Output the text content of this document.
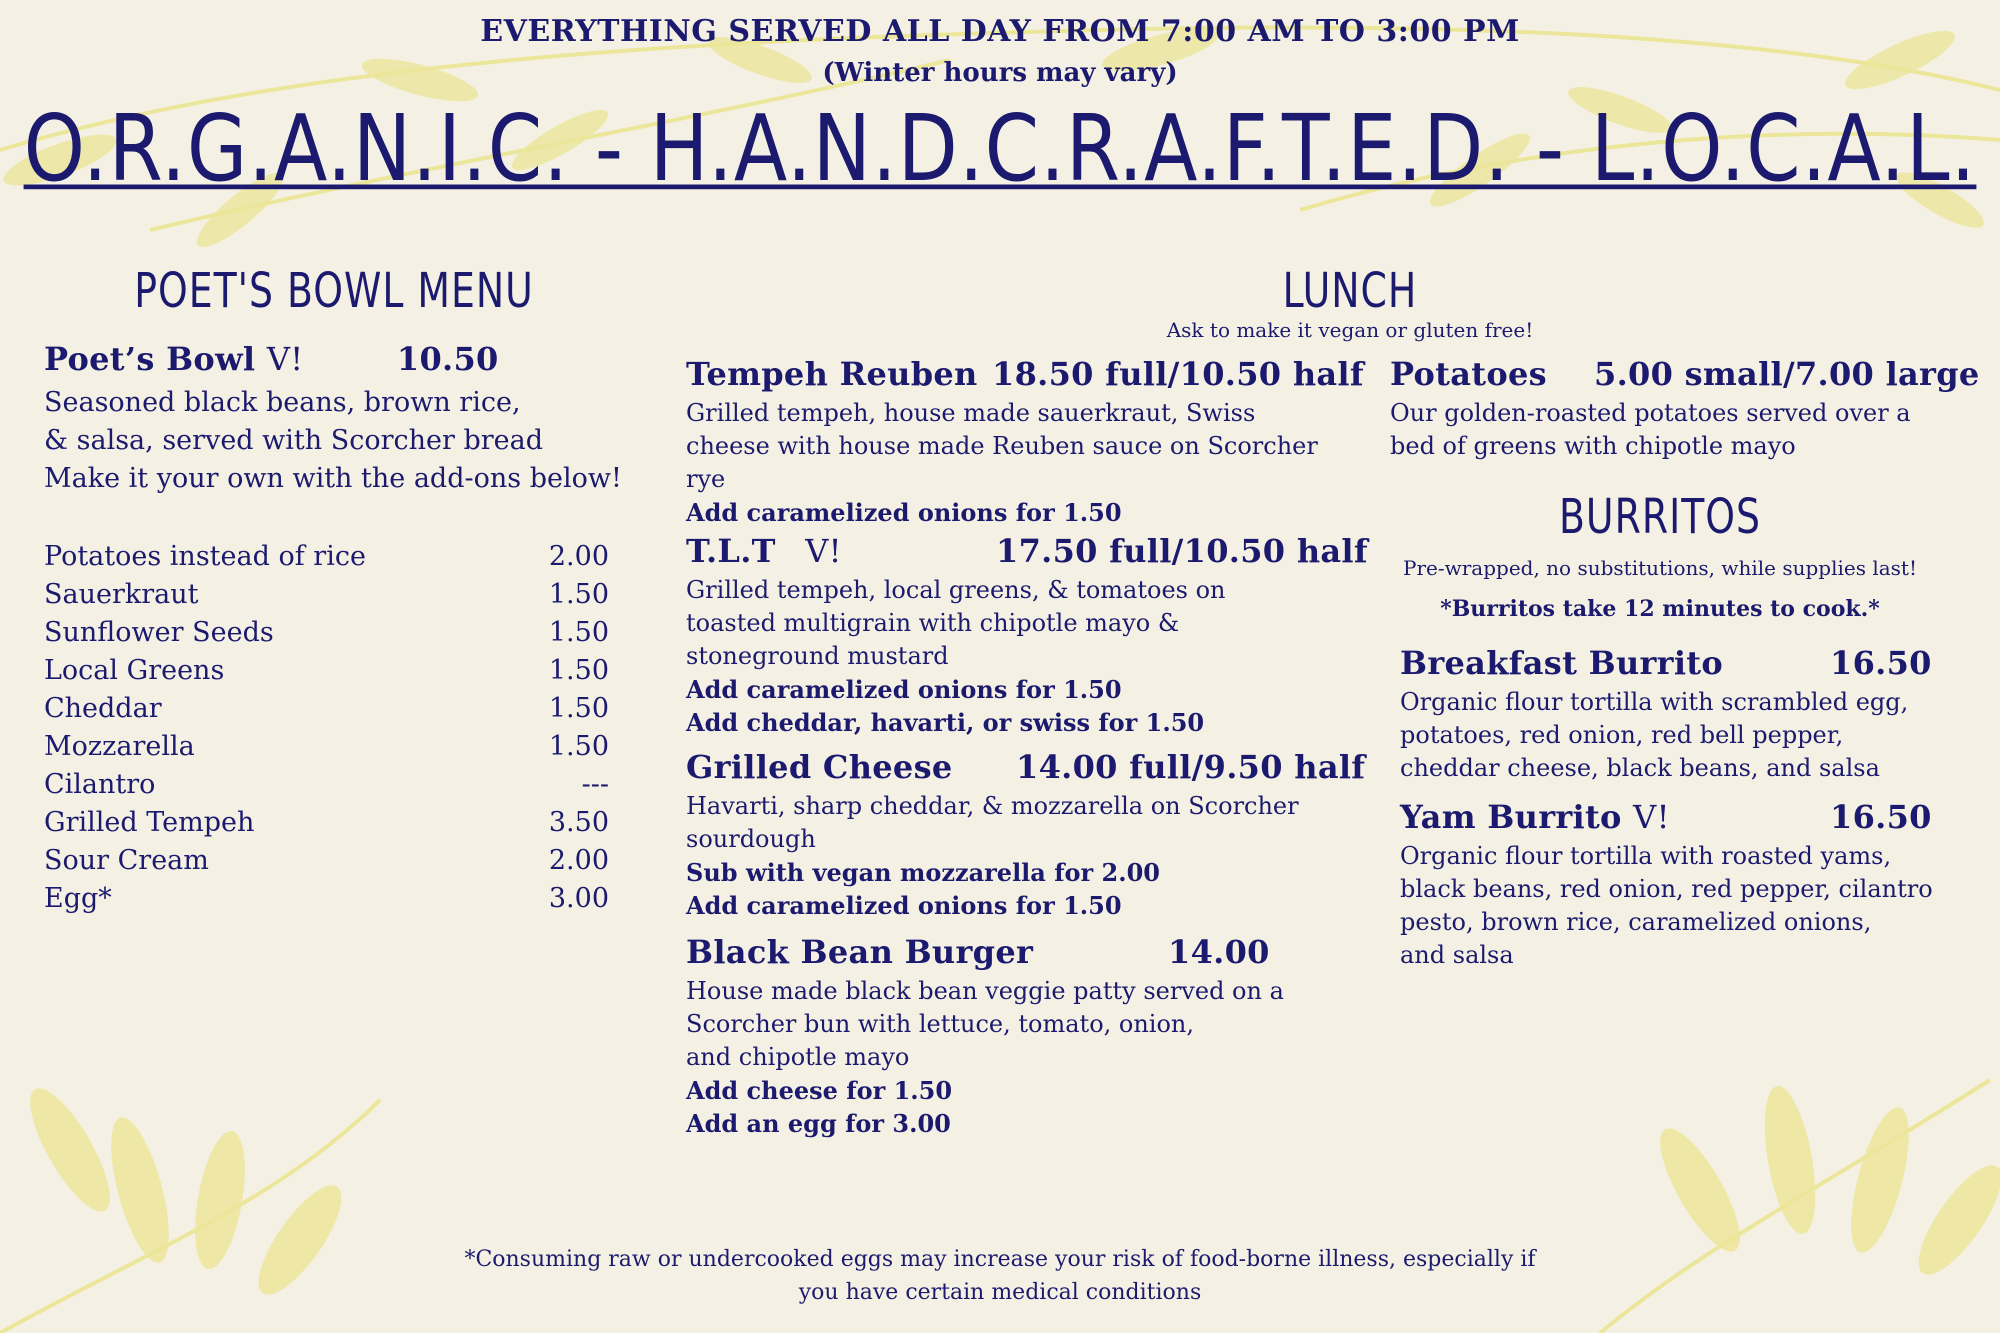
EVERYTHING SERVED ALL DAY FROM 7:00 AM TO 3:00 PM
(Winter hours may vary)
O.R.G.A.N.I.C. - H.A.N.D.C.R.A.F.T.E.D. - L.O.C.A.L.
POET'S BOWL MENU
Poet’s Bowl V!	10.50
Seasoned black beans, brown rice,
& salsa, served with Scorcher bread
Make it your own with the add-ons below!
Potatoes instead of rice	2.00
Sauerkraut	1.50
Sunflower Seeds	1.50
Local Greens	1.50
Cheddar	1.50
Mozzarella	1.50
Cilantro	---
Grilled Tempeh	3.50
Sour Cream	2.00
Egg*	3.00
LUNCH
Ask to make it vegan or gluten free!
Tempeh Reuben 18.50 full/10.50 half
Grilled tempeh, house made sauerkraut, Swiss
cheese with house made Reuben sauce on Scorcher
rye
Add caramelized onions for 1.50
T.L.T V!	17.50 full/10.50 half
Grilled tempeh, local greens, & tomatoes on
toasted multigrain with chipotle mayo &
stoneground mustard
Add caramelized onions for 1.50
Add cheddar, havarti, or swiss for 1.50
Grilled Cheese 14.00 full/9.50 half
Havarti, sharp cheddar, & mozzarella on Scorcher
sourdough
Sub with vegan mozzarella for 2.00
Add caramelized onions for 1.50
Black Bean Burger	14.00
House made black bean veggie patty served on a
Scorcher bun with lettuce, tomato, onion,
and chipotle mayo
Add cheese for 1.50
Add an egg for 3.00
Potatoes 5.00 small/7.00 large
Our golden-roasted potatoes served over a
bed of greens with chipotle mayo
BURRITOS
Pre-wrapped, no substitutions, while supplies last!
*Burritos take 12 minutes to cook.*
Breakfast Burrito	16.50
Organic flour tortilla with scrambled egg,
potatoes, red onion, red bell pepper,
cheddar cheese, black beans, and salsa
Yam Burrito V!	16.50
Organic flour tortilla with roasted yams,
black beans, red onion, red pepper, cilantro
pesto, brown rice, caramelized onions,
and salsa
*Consuming raw or undercooked eggs may increase your risk of food-borne illness, especially if
you have certain medical conditions
